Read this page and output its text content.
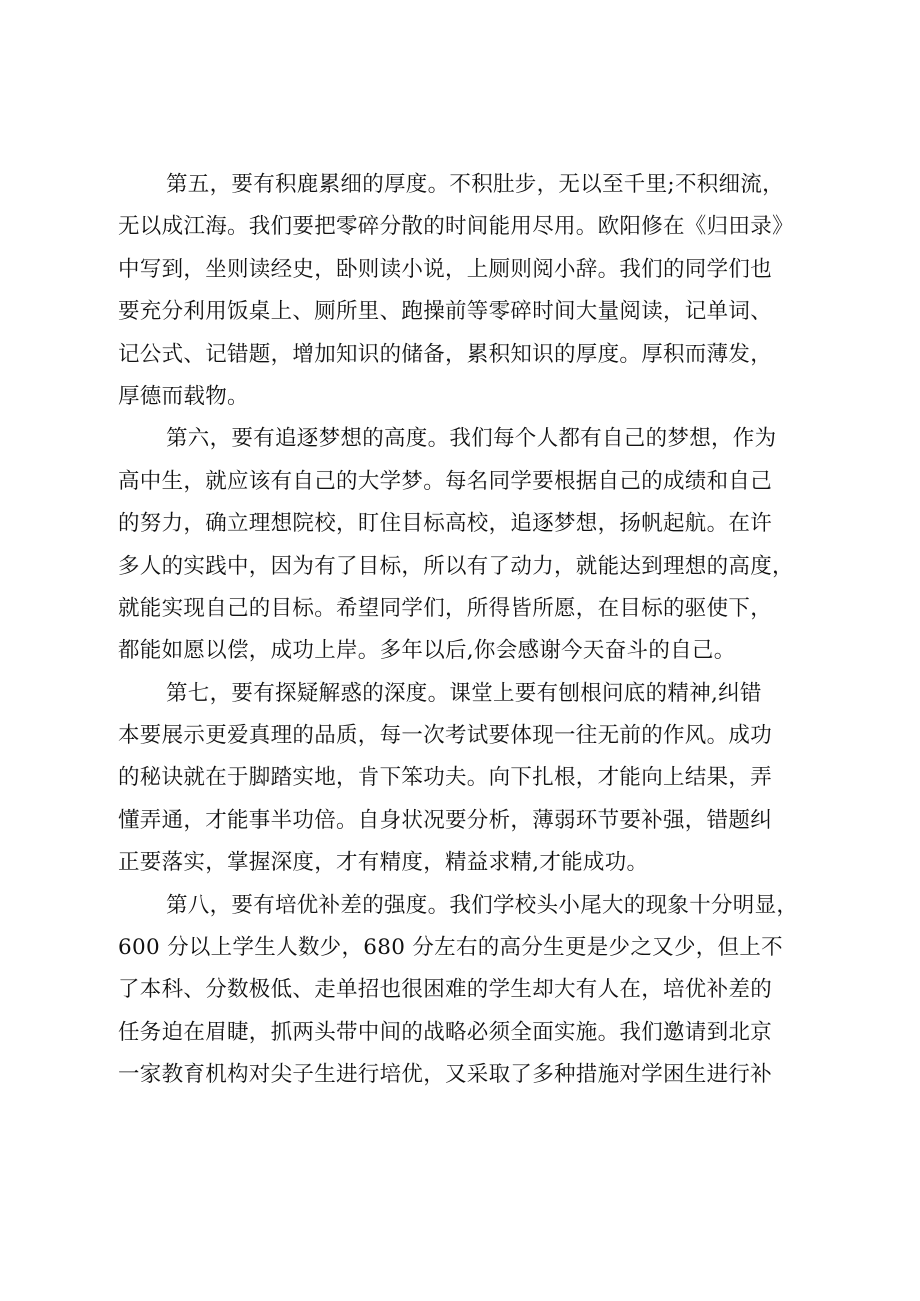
第五，要有积鹿累细的厚度。不积肚步，无以至千里;不积细流，
无以成江海。我们要把零碎分散的时间能用尽用。欧阳修在《归田录》
中写到，坐则读经史，卧则读小说，上厕则阅小辞。我们的同学们也
要充分利用饭桌上、厕所里、跑操前等零碎时间大量阅读，记单词、
记公式、记错题，增加知识的储备，累积知识的厚度。厚积而薄发，
厚德而载物。
第六，要有追逐梦想的高度。我们每个人都有自己的梦想，作为
高中生，就应该有自己的大学梦。每名同学要根据自己的成绩和自己
的努力，确立理想院校，盯住目标高校，追逐梦想，扬帆起航。在许
多人的实践中，因为有了目标，所以有了动力，就能达到理想的高度，
就能实现自己的目标。希望同学们，所得皆所愿，在目标的驱使下，
都能如愿以偿，成功上岸。多年以后,你会感谢今天奋斗的自己。
第七，要有探疑解惑的深度。课堂上要有刨根问底的精神,纠错
本要展示更爱真理的品质，每一次考试要体现一往无前的作风。成功
的秘诀就在于脚踏实地，肯下笨功夫。向下扎根，才能向上结果，弄
懂弄通，才能事半功倍。自身状况要分析，薄弱环节要补强，错题纠
正要落实，掌握深度，才有精度，精益求精,才能成功。
第八，要有培优补差的强度。我们学校头小尾大的现象十分明显，
600 分以上学生人数少，680 分左右的高分生更是少之又少，但上不
了本科、分数极低、走单招也很困难的学生却大有人在，培优补差的
任务迫在眉睫，抓两头带中间的战略必须全面实施。我们邀请到北京
一家教育机构对尖子生进行培优，又采取了多种措施对学困生进行补
